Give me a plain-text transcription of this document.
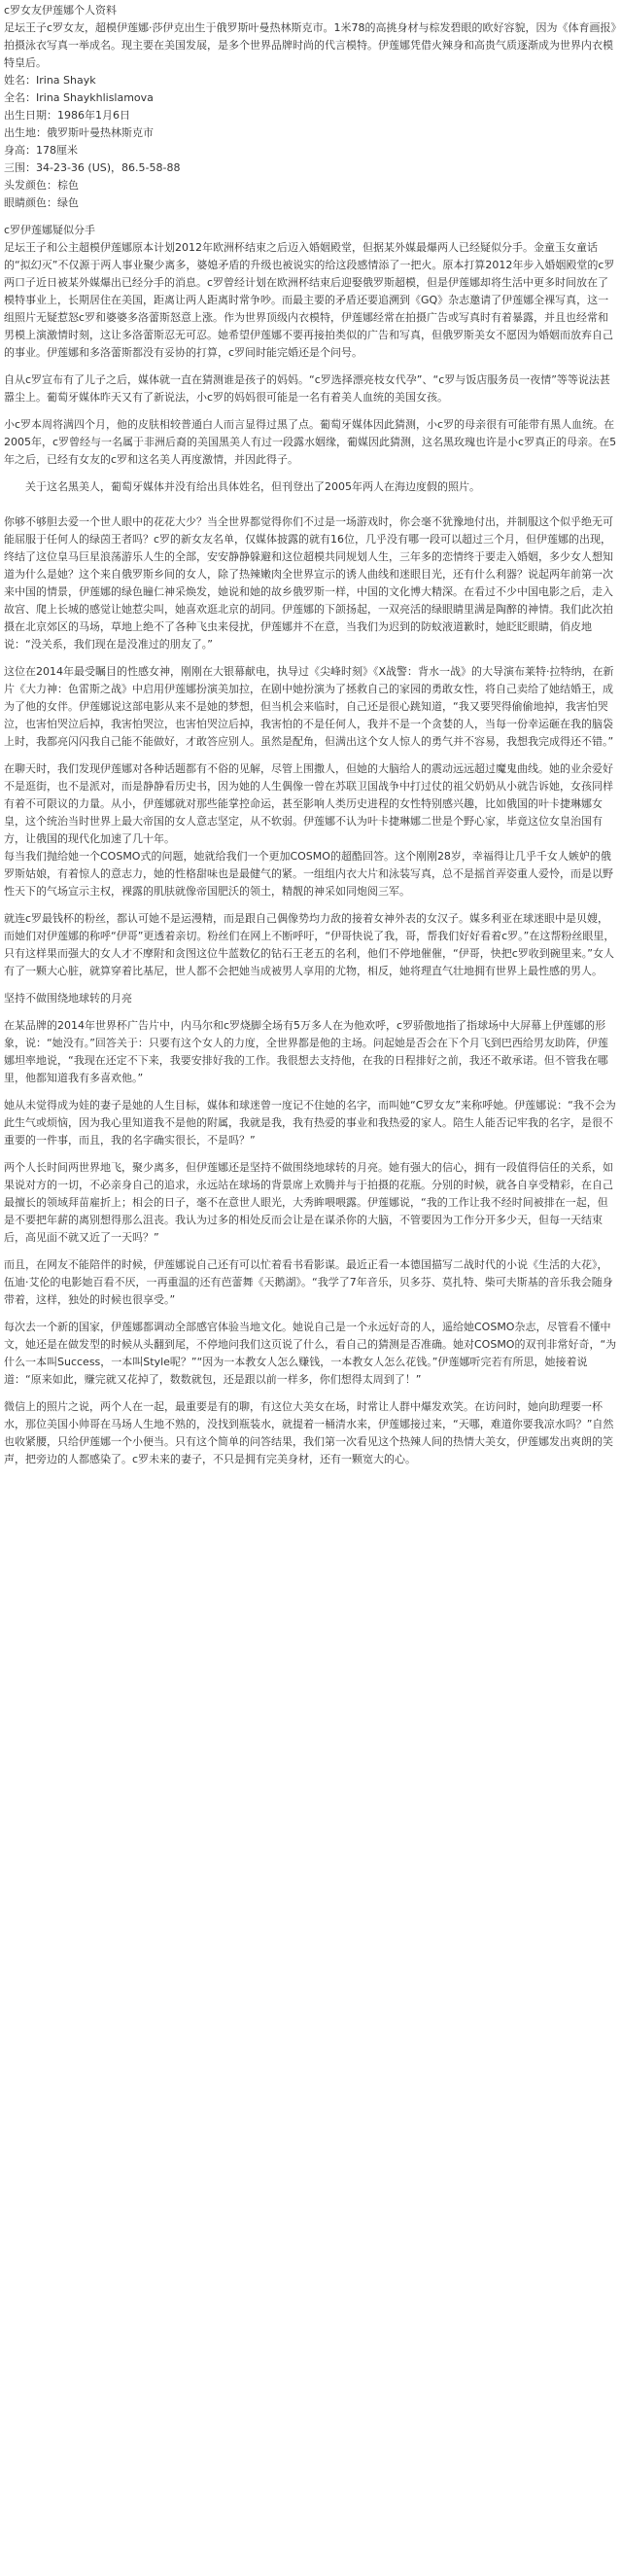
c罗女友伊莲娜个人资料

足坛王子c罗女友，超模伊莲娜·莎伊克出生于俄罗斯叶曼热林斯克市。1米78的高挑身材与棕发碧眼的欧好容貌，因为《体育画报》拍摄泳衣写真一举成名。现主要在美国发展，是多个世界品牌时尚的代言模特。伊莲娜凭借火辣身和高贵气质逐渐成为世界内衣模特皇后。

姓名：Irina Shayk

全名：Irina Shaykhlislamova

出生日期：1986年1月6日

出生地：俄罗斯叶曼热林斯克市

身高：178厘米

三围：34-23-36 (US)，86.5-58-88

头发颜色：棕色

眼睛颜色：绿色

c罗伊莲娜疑似分手

足坛王子和公主超模伊莲娜原本计划2012年欧洲杯结束之后迈入婚姻殿堂，但据某外媒最爆两人已经疑似分手。金童玉女童话的“拟幻灭”不仅源于两人事业聚少离多，婆媳矛盾的升级也被说实的给这段感情添了一把火。原本打算2012年步入婚姻殿堂的c罗两口子近日被某外媒爆出已经分手的消息。c罗曾经计划在欧洲杯结束后迎娶俄罗斯超模，但是伊莲娜却将生活中更多时间放在了模特事业上，长期居住在美国，距离让两人距离时常争吵。而最主要的矛盾还要追溯到《GQ》杂志邀请了伊莲娜全裸写真，这一组照片无疑惹怒c罗和婆婆多洛蕾斯怒意上涨。作为世界顶级内衣模特，伊莲娜经常在拍摄广告或写真时有着暴露，并且也经常和男模上演激情时刻，这让多洛蕾斯忍无可忍。她希望伊莲娜不要再接拍类似的广告和写真，但俄罗斯美女不愿因为婚姻而放弃自己的事业。伊莲娜和多洛蕾斯都没有妥协的打算，c罗间时能完婚还是个问号。

自从c罗宣布有了儿子之后，媒体就一直在猜测谁是孩子的妈妈。“c罗选择漂亮枝女代孕”、“c罗与饭店服务员一夜情”等等说法甚嚣尘上。葡萄牙媒体昨天又有了新说法，小c罗的妈妈很可能是一名有着美人血统的美国女孩。

小c罗本周将满四个月，他的皮肤相较普通白人而言显得过黑了点。葡萄牙媒体因此猜测，小c罗的母亲很有可能带有黑人血统。在2005年，c罗曾经与一名属于非洲后裔的美国黑美人有过一段露水姻缘，葡媒因此猜测，这名黑玫瑰也许是小c罗真正的母亲。在5年之后，已经有女友的c罗和这名美人再度激情，并因此得子。

关于这名黑美人，葡萄牙媒体并没有给出具体姓名，但刊登出了2005年两人在海边度假的照片。

你够不够胆去爱一个世人眼中的花花大少？当全世界都觉得你们不过是一场游戏时，你会毫不犹豫地付出，并制服这个似乎绝无可能屈服于任何人的绿茵王者吗？c罗的新女友名单，仅媒体披露的就有16位，几乎没有哪一段可以超过三个月，但伊莲娜的出现，终结了这位皇马巨星浪荡游乐人生的全部，安安静静躲避和这位超模共同规划人生，三年多的恋情终于要走入婚姻，多少女人想知道为什么是她？这个来自俄罗斯乡间的女人，除了热辣嫩肉全世界宣示的诱人曲线和迷眼目光，还有什么利器？说起两年前第一次来中国的情景，伊莲娜的绿色瞳仁神采焕发，她说和她的故乡俄罗斯一样，中国的文化博大精深。在看过不少中国电影之后，走入故宫、爬上长城的感觉让她惹尖叫，她喜欢逛北京的胡同。伊莲娜的下颌扬起，一双亮活的绿眼睛里满是陶醉的神情。我们此次拍摄在北京郊区的马场，草地上绝不了各种飞虫来侵扰，伊莲娜并不在意，当我们为迟到的防蚊液道歉时，她眨眨眼睛，俏皮地说：“没关系，我们现在是没准过的朋友了。”

这位在2014年最受瞩目的性感女神，刚刚在大银幕献电，执导过《尖峰时刻》《X战警：背水一战》的大导演布莱特·拉特纳，在新片《大力神：色雷斯之战》中启用伊莲娜扮演美加拉，在剧中她扮演为了拯救自己的家园的勇敢女性，将自己卖给了她结婚王，成为了他的女伴。伊莲娜说这部电影从来不是她的梦想，但当机会来临时，自己还是很心跳知道，“我又要哭得偷偷地掉，我害怕哭泣，也害怕哭泣后掉，我害怕哭泣，也害怕哭泣后掉，我害怕的不是任何人，我并不是一个贪婪的人，当每一份幸运砸在我的脑袋上时，我都亮闪闪我自己能不能做好，才敢答应别人。虽然是配角，但满出这个女人惊人的勇气并不容易，我想我完成得还不错。”

在聊天时，我们发现伊莲娜对各种话题都有不俗的见解，尽管上围撒人，但她的大脑给人的震动远远超过魔鬼曲线。她的业余爱好不是逛街，也不是派对，而是静静看历史书，因为她的人生偶像一曾在苏联卫国战争中打过仗的祖父奶奶从小就告诉她，女孩同样有着不可限议的力量。从小，伊莲娜就对那些能掌控命运，甚至影响人类历史进程的女性特别感兴趣，比如俄国的叶卡捷琳娜女皇，这个统治当时世界上最大帝国的女人意志坚定，从不软弱。伊莲娜不认为叶卡捷琳娜二世是个野心家，毕竟这位女皇治国有方，让俄国的现代化加速了几十年。

每当我们抛给她一个COSMO式的问题，她就给我们一个更加COSMO的超酷回答。这个刚刚28岁，幸福得让几乎千女人嫉妒的俄罗斯姑娘，有着惊人的意志力，她的性格甜味也是最健气的紧。一组组内衣大片和泳装写真，总不是摇首弄姿重人爱怜，而是以野性天下的气场宣示主权，裸露的肌肤就像帝国肥沃的领土，精靓的神采如同炮阅三军。

就连c罗最钱杯的粉丝，都认可她不是运漫精，而是跟自己偶像势均力敌的接着女神外表的女汉子。媒多利亚在球迷眼中是贝嫂，而她们对伊莲娜的称呼“伊哥”更透着亲切。粉丝们在网上不断呼吁，“伊哥快说了我，哥，帮我们好好看着c罗。”在这帮粉丝眼里，只有这样果而强大的女人才不摩附和贪图这位牛蓝数亿的钻石王老五的名利，他们不停地催催，“伊哥，快把c罗收到碗里来。”女人有了一颗大心脏，就算穿着比基尼，世人都不会把她当成被男人享用的尤物，相反，她将理直气壮地拥有世界上最性感的男人。

坚持不做围绕地球转的月亮

在某品牌的2014年世界杯广告片中，内马尔和c罗烧脚全场有5万多人在为他欢呼，c罗骄傲地指了指球场中大屏幕上伊莲娜的形象，说：“她没有。”回答关于：只要有这个女人的力度，全世界都是他的主场。问起她是否会在下个月飞到巴西给男友助阵，伊莲娜坦率地说，“我现在还定不下来，我要安排好我的工作。我很想去支持他，在我的日程排好之前，我还不敢承诺。但不管我在哪里，他都知道我有多喜欢他。”

她从未觉得成为娃的妻子是她的人生目标，媒体和球迷曾一度记不住她的名字，而叫她“C罗女友”来称呼她。伊莲娜说：“我不会为此生气或烦恼，因为我心里知道我不是他的附属，我就是我，我有热爱的事业和我热爱的家人。陪生人能否记牢我的名字，是很不重要的一件事，而且，我的名字确实很长，不是吗？”

两个人长时间两世界地飞，聚少离多，但伊莲娜还是坚持不做围绕地球转的月亮。她有强大的信心，拥有一段值得信任的关系，如果说对方的一切，不必亲身自己的追求，永远站在球场的背景席上欢腾并与于拍摄的花瓶。分别的时候，就各自享受精彩，在自己最擅长的领域拜苗雇折上；相会的日子，毫不在意世人眼光，大秀眸喂喂露。伊莲娜说，“我的工作让我不经时间被排在一起，但是不要把年薪的离别想得那么沮丧。我认为过多的相处反而会让是在谋杀你的大脑，不管要因为工作分开多少天，但每一天结束后，高见面不就又近了一天吗？”

而且，在网友不能陪伴的时候，伊莲娜说自己还有可以忙着看书看影谋。最近正看一本德国描写二战时代的小说《生活的大花》，伍迪·艾伦的电影她百看不厌，一再重温的还有芭蕾舞《天鹅湖》。“我学了7年音乐，贝多芬、莫扎特、柴可夫斯基的音乐我会随身带着，这样，独处的时候也很享受。”

每次去一个新的国家，伊莲娜都调动全部感官体验当地文化。她说自己是一个永远好奇的人，遥给她COSMO杂志，尽管看不懂中文，她还是在做发型的时候从头翻到尾，不停地问我们这页说了什么，看自己的猜测是否准确。她对COSMO的双刊非常好奇，“为什么一本叫Success，一本叫Style呢？”“因为一本教女人怎么赚钱，一本教女人怎么花钱。”伊莲娜听完若有所思，她接着说道：“原来如此，赚完就又花掉了，数数就包，还是跟以前一样多，你们想得太周到了！”

微信上的照片之说，两个人在一起，最重要是有的聊，有这位大美女在场，时常让人群中爆发欢笑。在访问时，她向助理要一杯水，那位美国小帅哥在马场人生地不熟的，没找到瓶装水，就提着一桶清水来，伊莲娜接过来，“天哪，难道你要我凉水吗？”自然也收紧腰，只给伊莲娜一个小便当。只有这个简单的问答结果，我们第一次看见这个热辣人间的热情大美女，伊莲娜发出爽朗的笑声，把旁边的人都感染了。c罗未来的妻子，不只是拥有完美身材，还有一颗宽大的心。
